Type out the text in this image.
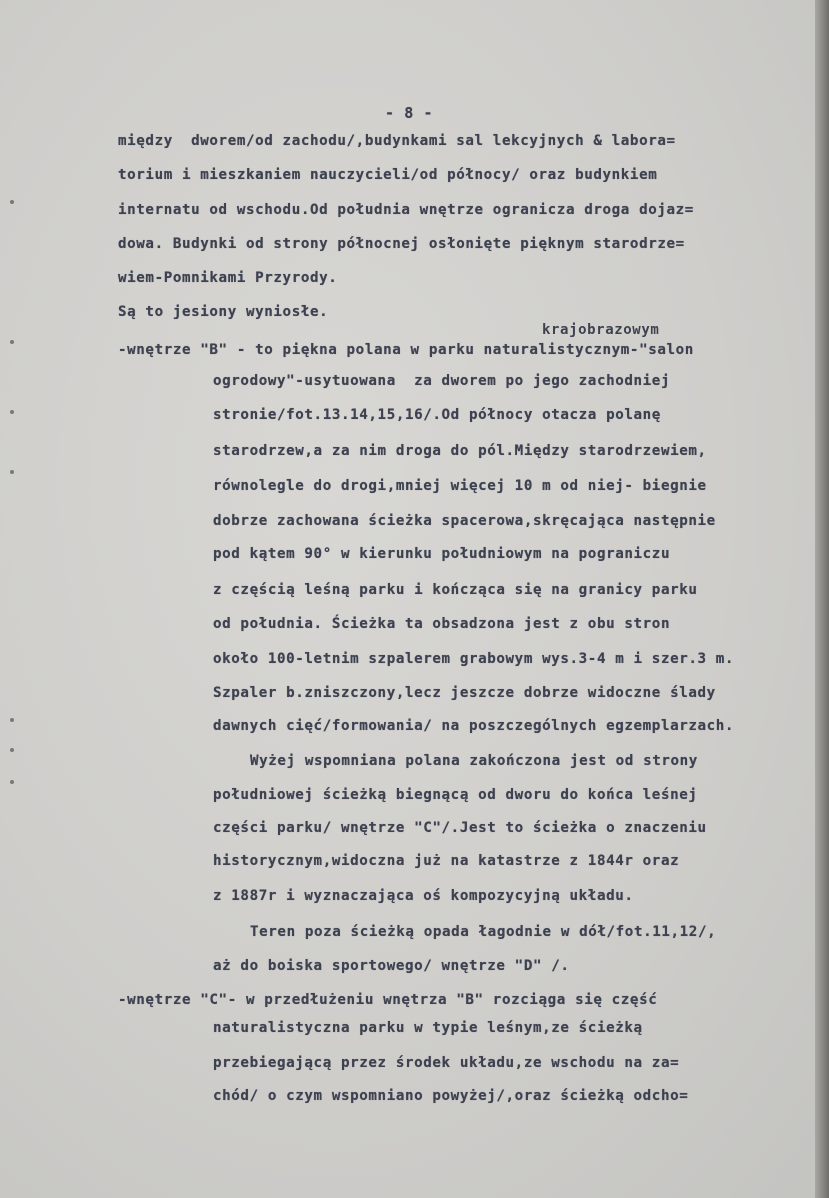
- 8 -
krajobrazowym
między  dworem/od zachodu/,budynkami sal lekcyjnych & labora=
torium i mieszkaniem nauczycieli/od północy/ oraz budynkiem
internatu od wschodu.Od południa wnętrze ogranicza droga dojaz=
dowa. Budynki od strony północnej osłonięte pięknym starodrze=
wiem-Pomnikami Przyrody.
Są to jesiony wyniosłe.
-wnętrze "B" - to piękna polana w parku naturalistycznym-"salon
ogrodowy"-usytuowana  za dworem po jego zachodniej
stronie/fot.13.14,15,16/.Od północy otacza polanę
starodrzew,a za nim droga do pól.Między starodrzewiem,
równolegle do drogi,mniej więcej 10 m od niej- biegnie
dobrze zachowana ścieżka spacerowa,skręcająca następnie
pod kątem 90° w kierunku południowym na pograniczu
z częścią leśną parku i kończąca się na granicy parku
od południa. Ścieżka ta obsadzona jest z obu stron
około 100-letnim szpalerem grabowym wys.3-4 m i szer.3 m.
Szpaler b.zniszczony,lecz jeszcze dobrze widoczne ślady
dawnych cięć/formowania/ na poszczególnych egzemplarzach.
Wyżej wspomniana polana zakończona jest od strony
południowej ścieżką biegnącą od dworu do końca leśnej
części parku/ wnętrze "C"/.Jest to ścieżka o znaczeniu
historycznym,widoczna już na katastrze z 1844r oraz
z 1887r i wyznaczająca oś kompozycyjną układu.
Teren poza ścieżką opada łagodnie w dół/fot.11,12/,
aż do boiska sportowego/ wnętrze "D" /.
-wnętrze "C"- w przedłużeniu wnętrza "B" rozciąga się część
naturalistyczna parku w typie leśnym,ze ścieżką
przebiegającą przez środek układu,ze wschodu na za=
chód/ o czym wspomniano powyżej/,oraz ścieżką odcho=
